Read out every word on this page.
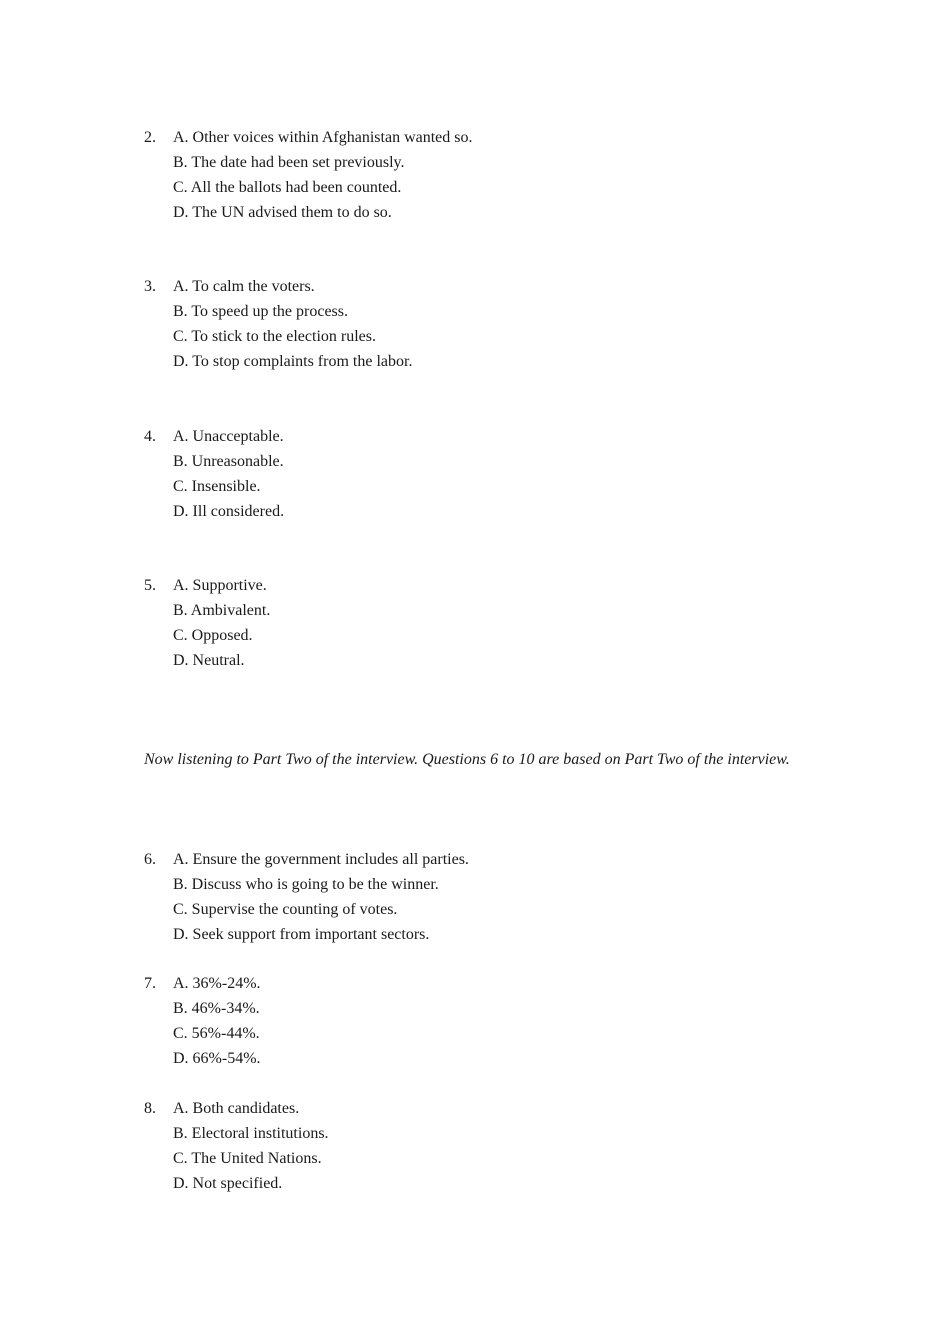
2. A. Other voices within Afghanistan wanted so.
B. The date had been set previously.
C. All the ballots had been counted.
D. The UN advised them to do so.
3. A. To calm the voters.
B. To speed up the process.
C. To stick to the election rules.
D. To stop complaints from the labor.
4. A. Unacceptable.
B. Unreasonable.
C. Insensible.
D. Ill considered.
5. A. Supportive.
B. Ambivalent.
C. Opposed.
D. Neutral.
Now listening to Part Two of the interview. Questions 6 to 10 are based on Part Two of the interview.
6. A. Ensure the government includes all parties.
B. Discuss who is going to be the winner.
C. Supervise the counting of votes.
D. Seek support from important sectors.
7. A. 36%-24%.
B. 46%-34%.
C. 56%-44%.
D. 66%-54%.
8. A. Both candidates.
B. Electoral institutions.
C. The United Nations.
D. Not specified.
